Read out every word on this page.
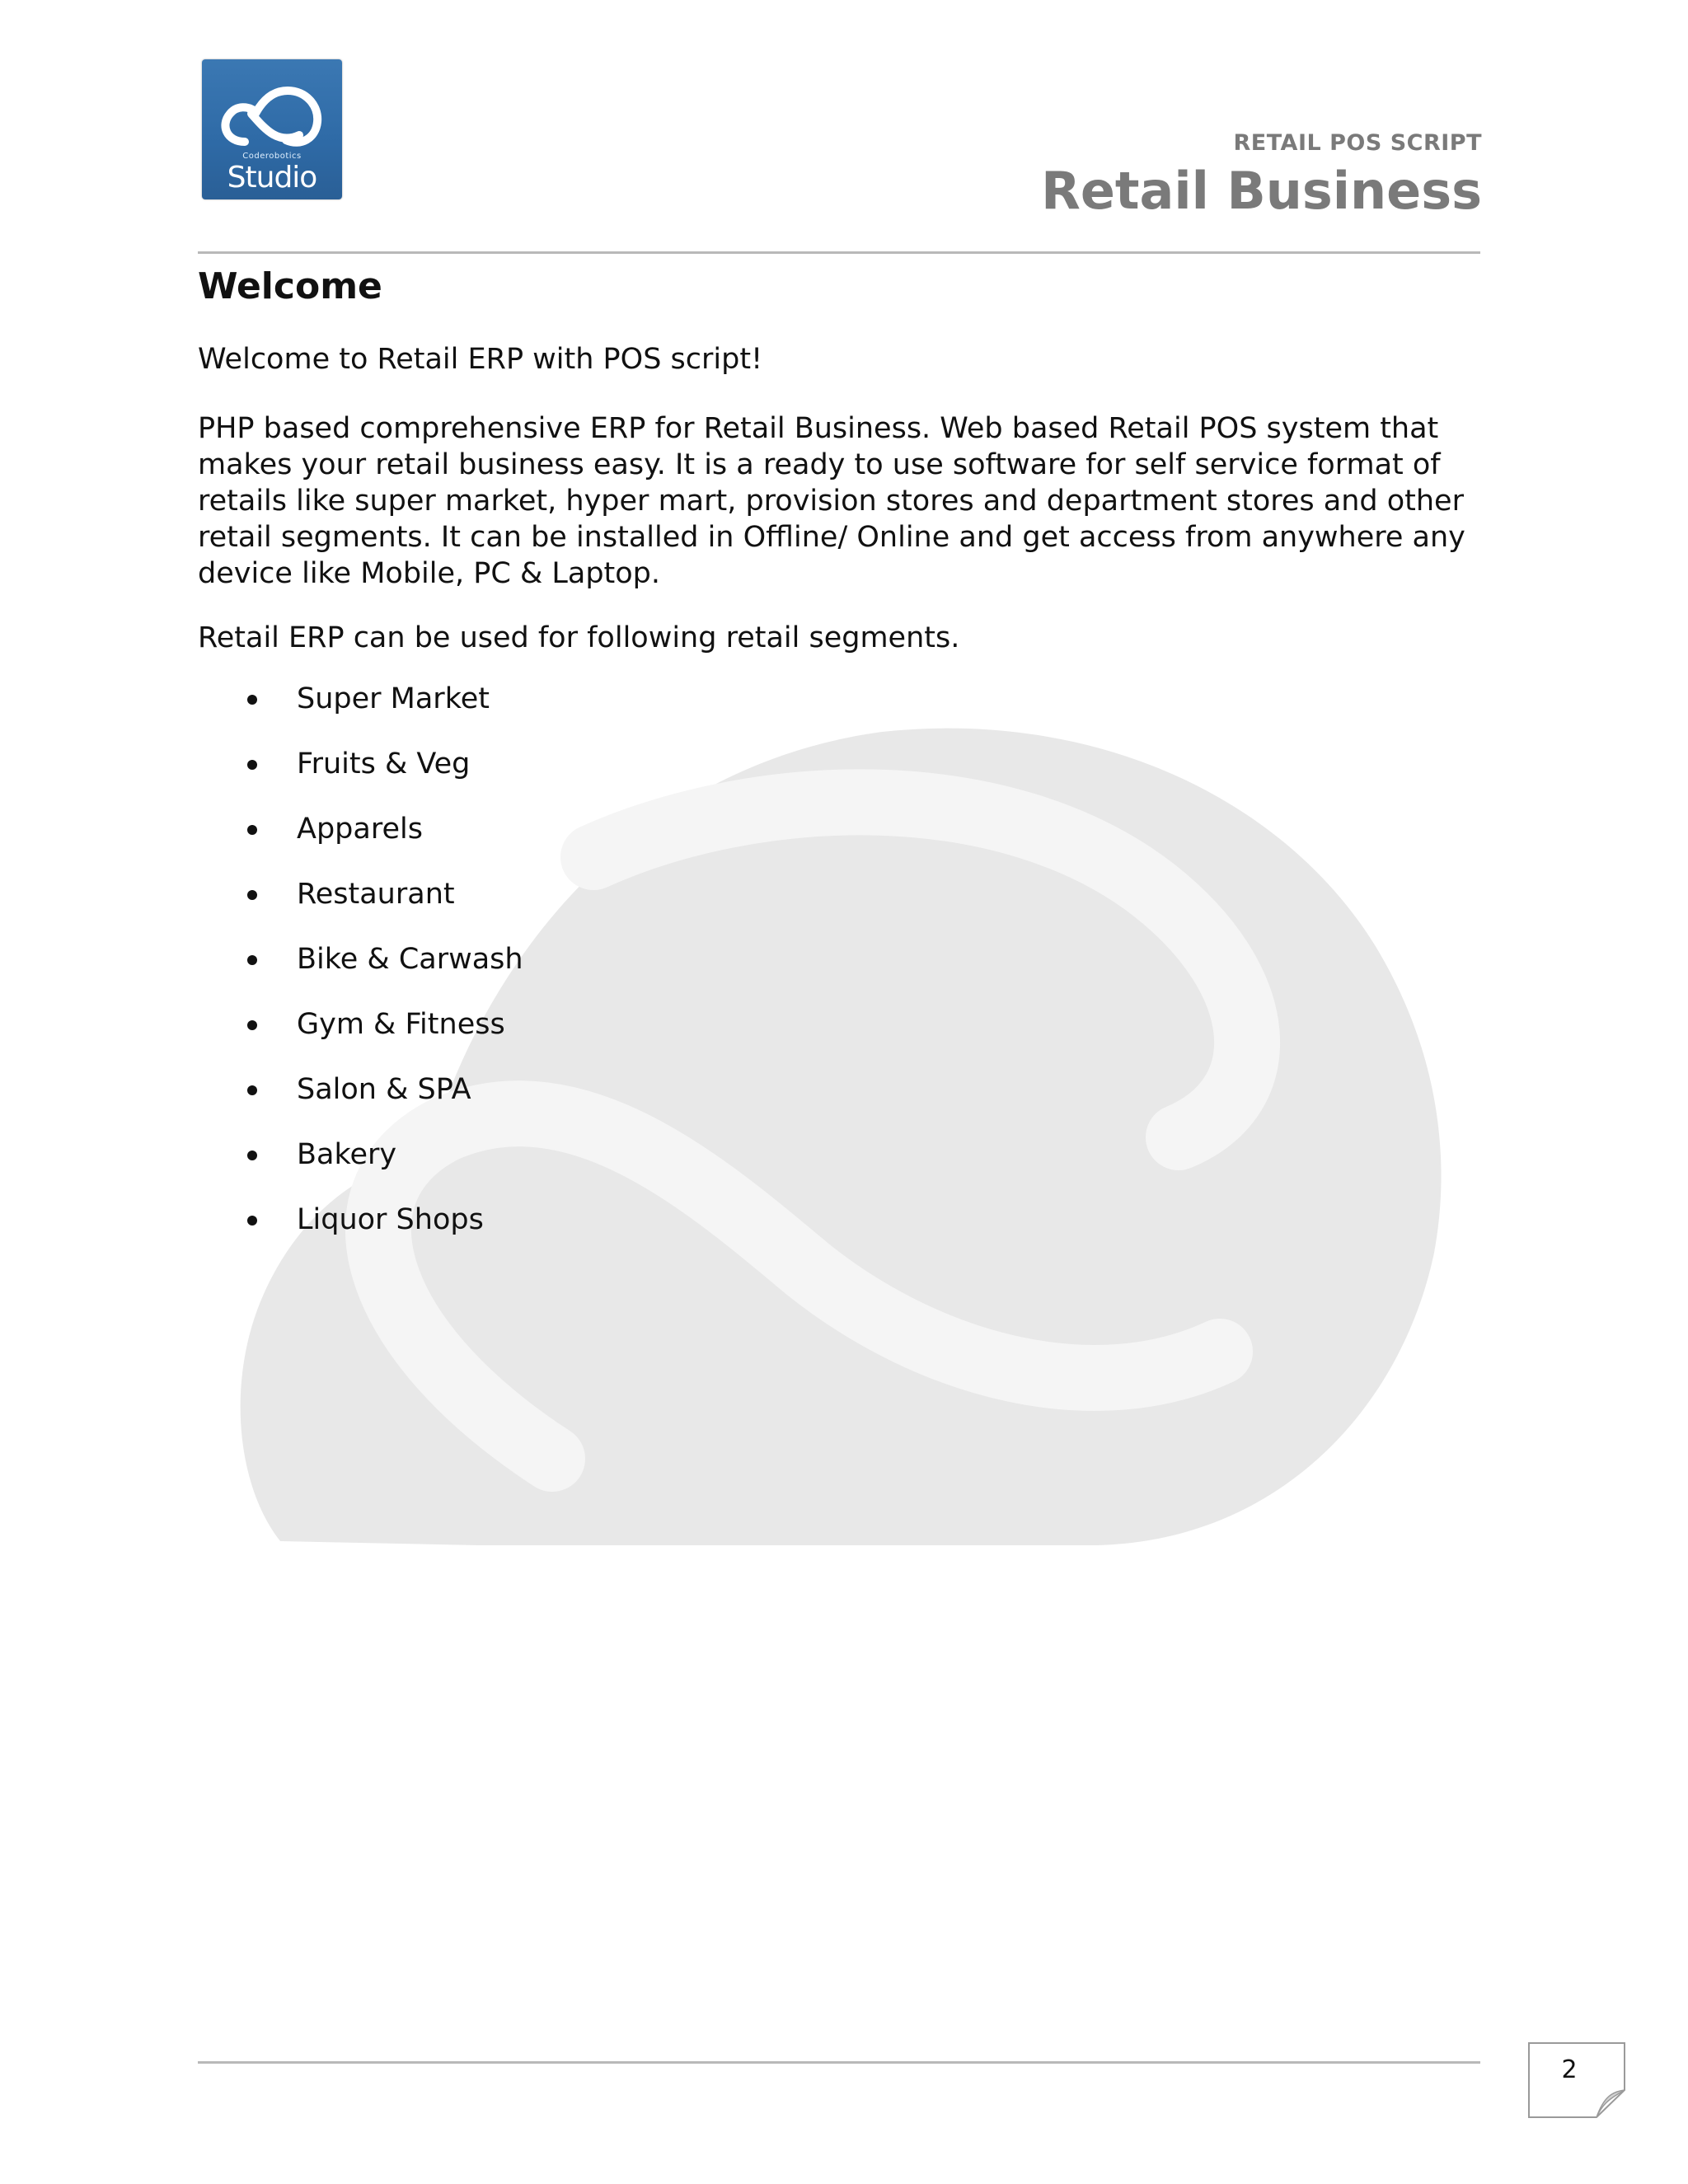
Coderobotics
Studio
RETAIL POS SCRIPT
Retail Business
Welcome

Welcome to Retail ERP with POS script!

PHP based comprehensive ERP for Retail Business. Web based Retail POS system that makes your retail business easy. It is a ready to use software for self service format of retails like super market, hyper mart, provision stores and department stores and other retail segments. It can be installed in Offline/ Online and get access from anywhere any device like Mobile, PC & Laptop.

Retail ERP can be used for following retail segments.

Super Market
Fruits & Veg
Apparels
Restaurant
Bike & Carwash
Gym & Fitness
Salon & SPA
Bakery
Liquor Shops
2
